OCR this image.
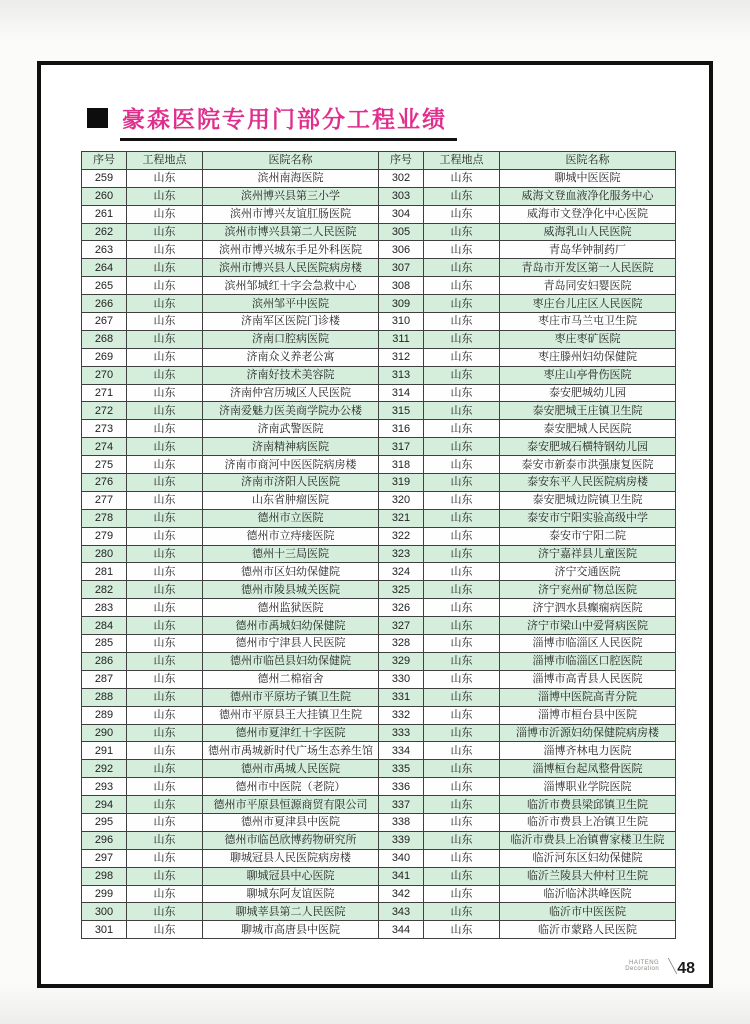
豪森医院专用门部分工程业绩
序号	工程地点	医院名称	序号	工程地点	医院名称
259	山东	滨州南海医院	302	山东	聊城中医医院
260	山东	滨州博兴县第三小学	303	山东	威海文登血液净化服务中心
261	山东	滨州市博兴友谊肛肠医院	304	山东	威海市文登净化中心医院
262	山东	滨州市博兴县第二人民医院	305	山东	威海乳山人民医院
263	山东	滨州市博兴城东手足外科医院	306	山东	青岛华钟制药厂
264	山东	滨州市博兴县人民医院病房楼	307	山东	青岛市开发区第一人民医院
265	山东	滨州邹城红十字会急救中心	308	山东	青岛同安妇婴医院
266	山东	滨州邹平中医院	309	山东	枣庄台儿庄区人民医院
267	山东	济南军区医院门诊楼	310	山东	枣庄市马兰屯卫生院
268	山东	济南口腔病医院	311	山东	枣庄枣矿医院
269	山东	济南众义养老公寓	312	山东	枣庄滕州妇幼保健院
270	山东	济南好技术美容院	313	山东	枣庄山亭骨伤医院
271	山东	济南仲宫历城区人民医院	314	山东	泰安肥城幼儿园
272	山东	济南爱魅力医美商学院办公楼	315	山东	泰安肥城王庄镇卫生院
273	山东	济南武警医院	316	山东	泰安肥城人民医院
274	山东	济南精神病医院	317	山东	泰安肥城石横特钢幼儿园
275	山东	济南市商河中医医院病房楼	318	山东	泰安市新泰市洪强康复医院
276	山东	济南市济阳人民医院	319	山东	泰安东平人民医院病房楼
277	山东	山东省肿瘤医院	320	山东	泰安肥城边院镇卫生院
278	山东	德州市立医院	321	山东	泰安市宁阳实验高级中学
279	山东	德州市立痔瘘医院	322	山东	泰安市宁阳二院
280	山东	德州十三局医院	323	山东	济宁嘉祥县儿童医院
281	山东	德州市区妇幼保健院	324	山东	济宁交通医院
282	山东	德州市陵县城关医院	325	山东	济宁兖州矿物总医院
283	山东	德州监狱医院	326	山东	济宁泗水县癫痫病医院
284	山东	德州市禹城妇幼保健院	327	山东	济宁市梁山中爱肾病医院
285	山东	德州市宁津县人民医院	328	山东	淄博市临淄区人民医院
286	山东	德州市临邑县妇幼保健院	329	山东	淄博市临淄区口腔医院
287	山东	德州二棉宿舍	330	山东	淄博市高青县人民医院
288	山东	德州市平原坊子镇卫生院	331	山东	淄博中医院高青分院
289	山东	德州市平原县王大挂镇卫生院	332	山东	淄博市桓台县中医院
290	山东	德州市夏津红十字医院	333	山东	淄博市沂源妇幼保健院病房楼
291	山东	德州市禹城新时代广场生态养生馆	334	山东	淄博齐林电力医院
292	山东	德州市禹城人民医院	335	山东	淄博桓台起凤整骨医院
293	山东	德州市中医院（老院）	336	山东	淄博职业学院医院
294	山东	德州市平原县恒源商贸有限公司	337	山东	临沂市费县梁邱镇卫生院
295	山东	德州市夏津县中医院	338	山东	临沂市费县上冶镇卫生院
296	山东	德州市临邑欣博药物研究所	339	山东	临沂市费县上冶镇曹家楼卫生院
297	山东	聊城冠县人民医院病房楼	340	山东	临沂河东区妇幼保健院
298	山东	聊城冠县中心医院	341	山东	临沂兰陵县大仲村卫生院
299	山东	聊城东阿友谊医院	342	山东	临沂临沭洪峰医院
300	山东	聊城莘县第二人民医院	343	山东	临沂市中医医院
301	山东	聊城市高唐县中医院	344	山东	临沂市蒙路人民医院
HAITENG
Decoration 48
